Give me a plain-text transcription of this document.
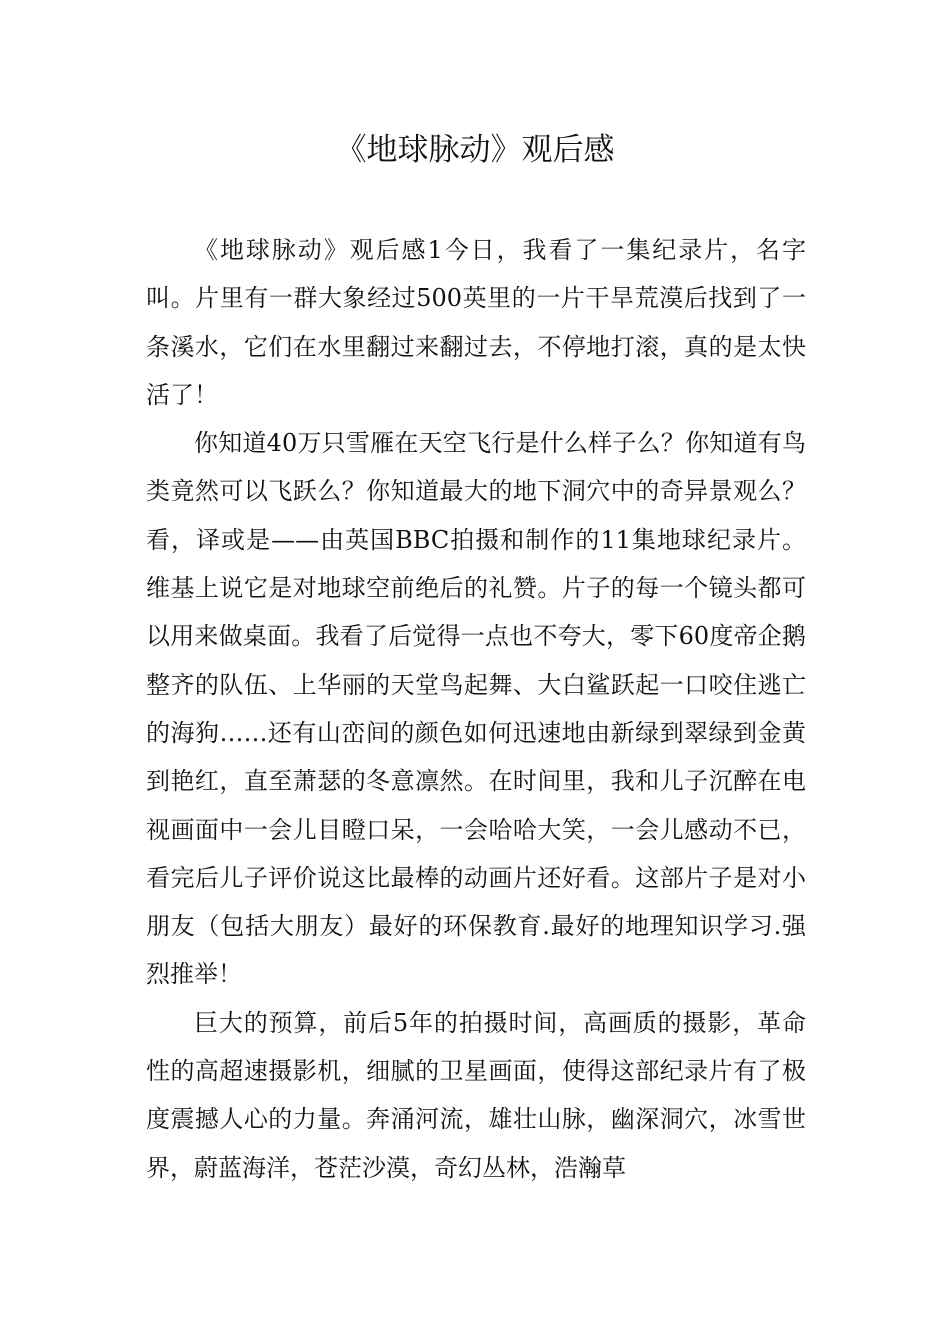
《地球脉动》观后感

《地球脉动》观后感1今日，我看了一集纪录片，名字叫。片里有一群大象经过500英里的一片干旱荒漠后找到了一条溪水，它们在水里翻过来翻过去，不停地打滚，真的是太快活了！

你知道40万只雪雁在天空飞行是什么样子么？你知道有鸟类竟然可以飞跃么？你知道最大的地下洞穴中的奇异景观么？看，译或是——由英国BBC拍摄和制作的11集地球纪录片。维基上说它是对地球空前绝后的礼赞。片子的每一个镜头都可以用来做桌面。我看了后觉得一点也不夸大，零下60度帝企鹅整齐的队伍、上华丽的天堂鸟起舞、大白鲨跃起一口咬住逃亡的海狗……还有山峦间的颜色如何迅速地由新绿到翠绿到金黄到艳红，直至萧瑟的冬意凛然。在时间里，我和儿子沉醉在电视画面中一会儿目瞪口呆，一会哈哈大笑，一会儿感动不已，看完后儿子评价说这比最棒的动画片还好看。这部片子是对小朋友（包括大朋友）最好的环保教育.最好的地理知识学习.强烈推举！

巨大的预算，前后5年的拍摄时间，高画质的摄影，革命性的高超速摄影机，细腻的卫星画面，使得这部纪录片有了极度震撼人心的力量。奔涌河流，雄壮山脉，幽深洞穴，冰雪世界，蔚蓝海洋，苍茫沙漠，奇幻丛林，浩瀚草
